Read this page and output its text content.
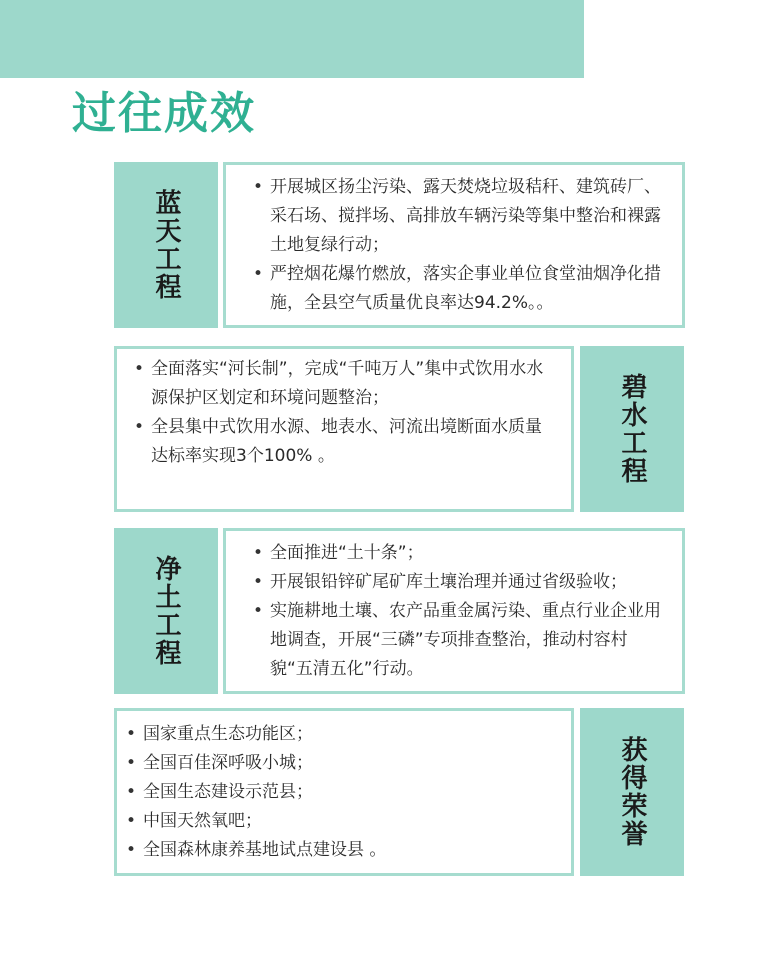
过往成效
蓝天工程
• 开展城区扬尘污染、露天焚烧垃圾秸秆、建筑砖厂、采石场、搅拌场、高排放车辆污染等集中整治和裸露土地复绿行动；
• 严控烟花爆竹燃放，落实企事业单位食堂油烟净化措施，全县空气质量优良率达94.2%。。
• 全面落实“河长制”，完成“千吨万人”集中式饮用水水源保护区划定和环境问题整治；
• 全县集中式饮用水源、地表水、河流出境断面水质量达标率实现3个100% 。	碧水工程
净土工程
• 全面推进“土十条”；
• 开展银铅锌矿尾矿库土壤治理并通过省级验收；
• 实施耕地土壤、农产品重金属污染、重点行业企业用地调查，开展“三磷”专项排查整治，推动村容村貌“五清五化”行动。
• 国家重点生态功能区；
• 全国百佳深呼吸小城；
• 全国生态建设示范县；
• 中国天然氧吧；
• 全国森林康养基地试点建设县 。
获得荣誉
